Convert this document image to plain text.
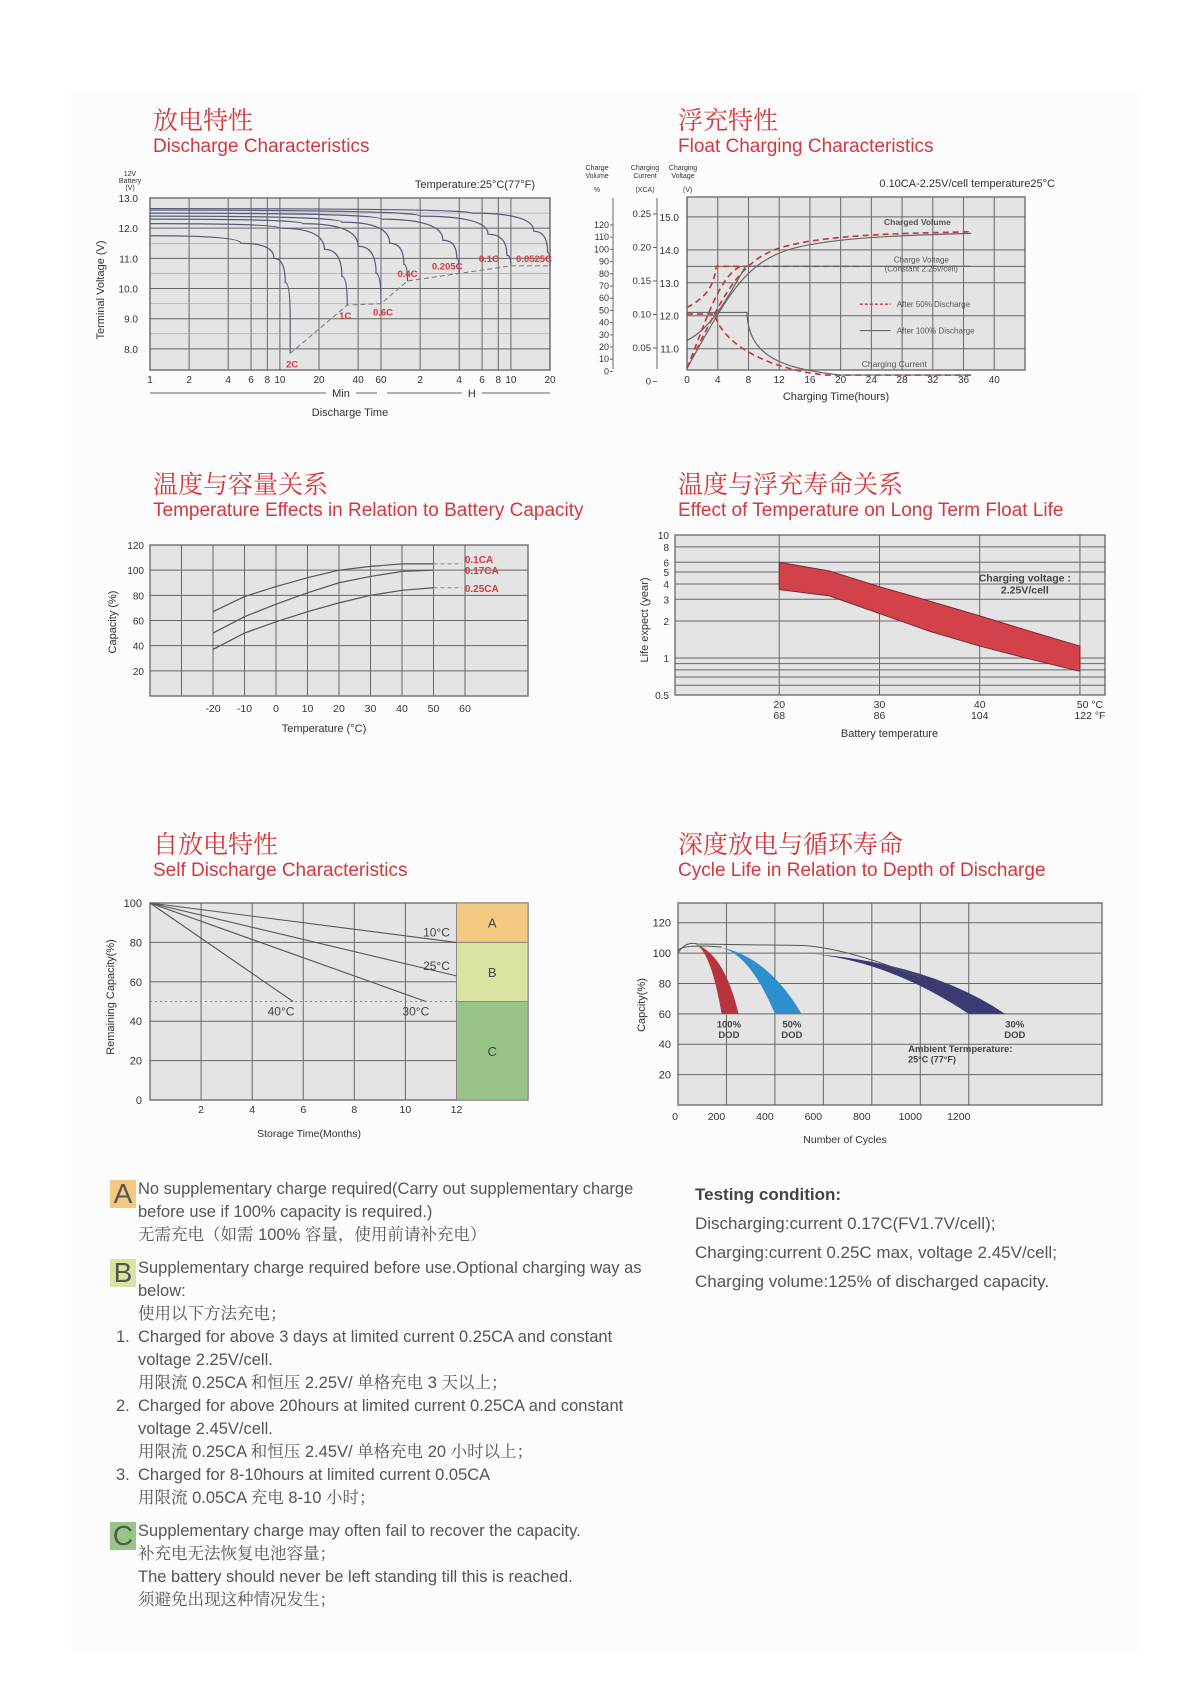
放电特性
Discharge Characteristics
浮充特性
Float Charging Characteristics
温度与容量关系
Temperature Effects in Relation to Battery Capacity
温度与浮充寿命关系
Effect of Temperature on Long Term Float Life
自放电特性
Self Discharge Characteristics
深度放电与循环寿命
Cycle Life in Relation to Depth of Discharge
13.0
12.0
11.0
10.0
9.0
8.0
1	2	4 6 8 10	20	40 60	2	4 6 8 10	20
Terminal Voltage (V)
12V
Battery
(V)	Temperature:25°C(77°F)
Min	H
Discharge Time
2C
1C 0.6C
0.4C
0.205C
0.1C 0.0525C
0	4	8 12 16 20 24 28 32 36 40
Charging Time(hours)
0.10CA-2.25V/cell temperature25°C
Charge
Volume
%
120
110
100
90
80
70
60
50
40
30
20
10
0
Charging
Current
(XCA)
0.25
0.20
0.15
0.10
0.05
0
Charging
Voltage
(V)
15.0
14.0
13.0
12.0
11.0
Charged Volume
Charge Voltage
(Constant 2.25v/cell)
Charging Current
After 50% Discharge
After 100% Discharge
120
100
80
60
40
20
-20 -10 0 10 20 30 40 50 60
Temperature (°C)
Capacity (%)
0.1CA
0.17CA
0.25CA
10
8
6
5
4
3
2
1
0.5
20	30	40	50 °C
68	86	104	122 °F
Battery temperature
Life expect (year)	Charging voltage :
2.25V/cell
A
B
C
100
80
60
40
20
0
2	4	6	8	10	12
Storage Time(Months)
Remaining Capacity(%)
10°C
25°C
30°C
40°C
120
100
80
60
40
20
0	200	400	600	800	1000 1200
Number of Cycles
Capcity(%)	100%
DOD
50%
DOD
30%
DOD
Ambient Termperature:
25°C (77°F)
A No supplementary charge required(Carry out supplementary charge before use if 100% capacity is required.)
无需充电（如需 100% 容量，使用前请补充电）
B Supplementary charge required before use.Optional charging way as below:
使用以下方法充电；
1. Charged for above 3 days at limited current 0.25CA and constant voltage 2.25V/cell.
用限流 0.25CA 和恒压 2.25V/ 单格充电 3 天以上；
2. Charged for above 20hours at limited current 0.25CA and constant voltage 2.45V/cell.
用限流 0.25CA 和恒压 2.45V/ 单格充电 20 小时以上；
3. Charged for 8-10hours at limited current 0.05CA
用限流 0.05CA 充电 8-10 小时；
C Supplementary charge may often fail to recover the capacity.
补充电无法恢复电池容量；
The battery should never be left standing till this is reached.
须避免出现这种情况发生；
Testing condition:
Discharging:current 0.17C(FV1.7V/cell);
Charging:current 0.25C max, voltage 2.45V/cell;
Charging volume:125% of discharged capacity.
